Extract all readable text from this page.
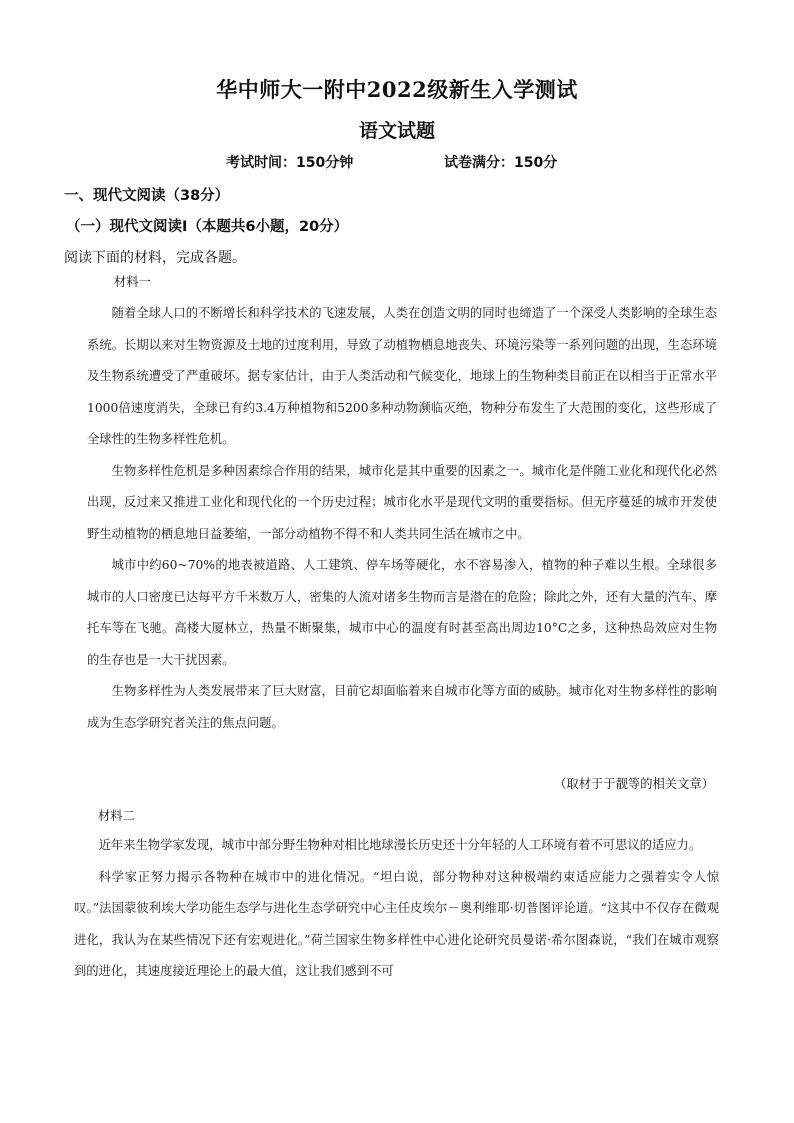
华中师大一附中2022级新生入学测试
语文试题
考试时间：150分钟	试卷满分：150分
一、现代文阅读（38分）
（一）现代文阅读Ⅰ（本题共6小题，20分）
阅读下面的材料，完成各题。
材料一

随着全球人口的不断增长和科学技术的飞速发展，人类在创造文明的同时也缔造了一个深受人类影响的全球生态系统。长期以来对生物资源及土地的过度利用，导致了动植物栖息地丧失、环境污染等一系列问题的出现，生态环境及生物系统遭受了严重破坏。据专家估计，由于人类活动和气候变化，地球上的生物种类目前正在以相当于正常水平1000倍速度消失，全球已有约3.4万种植物和5200多种动物濒临灭绝，物种分布发生了大范围的变化，这些形成了全球性的生物多样性危机。

生物多样性危机是多种因素综合作用的结果，城市化是其中重要的因素之一。城市化是伴随工业化和现代化必然出现，反过来又推进工业化和现代化的一个历史过程；城市化水平是现代文明的重要指标。但无序蔓延的城市开发使野生动植物的栖息地日益萎缩，一部分动植物不得不和人类共同生活在城市之中。

城市中约60~70%的地表被道路、人工建筑、停车场等硬化，水不容易渗入，植物的种子难以生根。全球很多城市的人口密度已达每平方千米数万人，密集的人流对诸多生物而言是潜在的危险；除此之外，还有大量的汽车、摩托车等在飞驰。高楼大厦林立，热量不断聚集，城市中心的温度有时甚至高出周边10°C之多，这种热岛效应对生物的生存也是一大干扰因素。

生物多样性为人类发展带来了巨大财富，目前它却面临着来自城市化等方面的威胁。城市化对生物多样性的影响成为生态学研究者关注的焦点问题。

（取材于于靓等的相关文章）
材料二

近年来生物学家发现，城市中部分野生物种对相比地球漫长历史还十分年轻的人工环境有着不可思议的适应力。

科学家正努力揭示各物种在城市中的进化情况。“坦白说，部分物种对这种极端约束适应能力之强着实令人惊叹。”法国蒙彼利埃大学功能生态学与进化生态学研究中心主任皮埃尔－奥利维耶·切普图评论道。“这其中不仅存在微观进化，我认为在某些情况下还有宏观进化。”荷兰国家生物多样性中心进化论研究员曼诺·希尔图森说，“我们在城市观察到的进化，其速度接近理论上的最大值，这让我们感到不可
